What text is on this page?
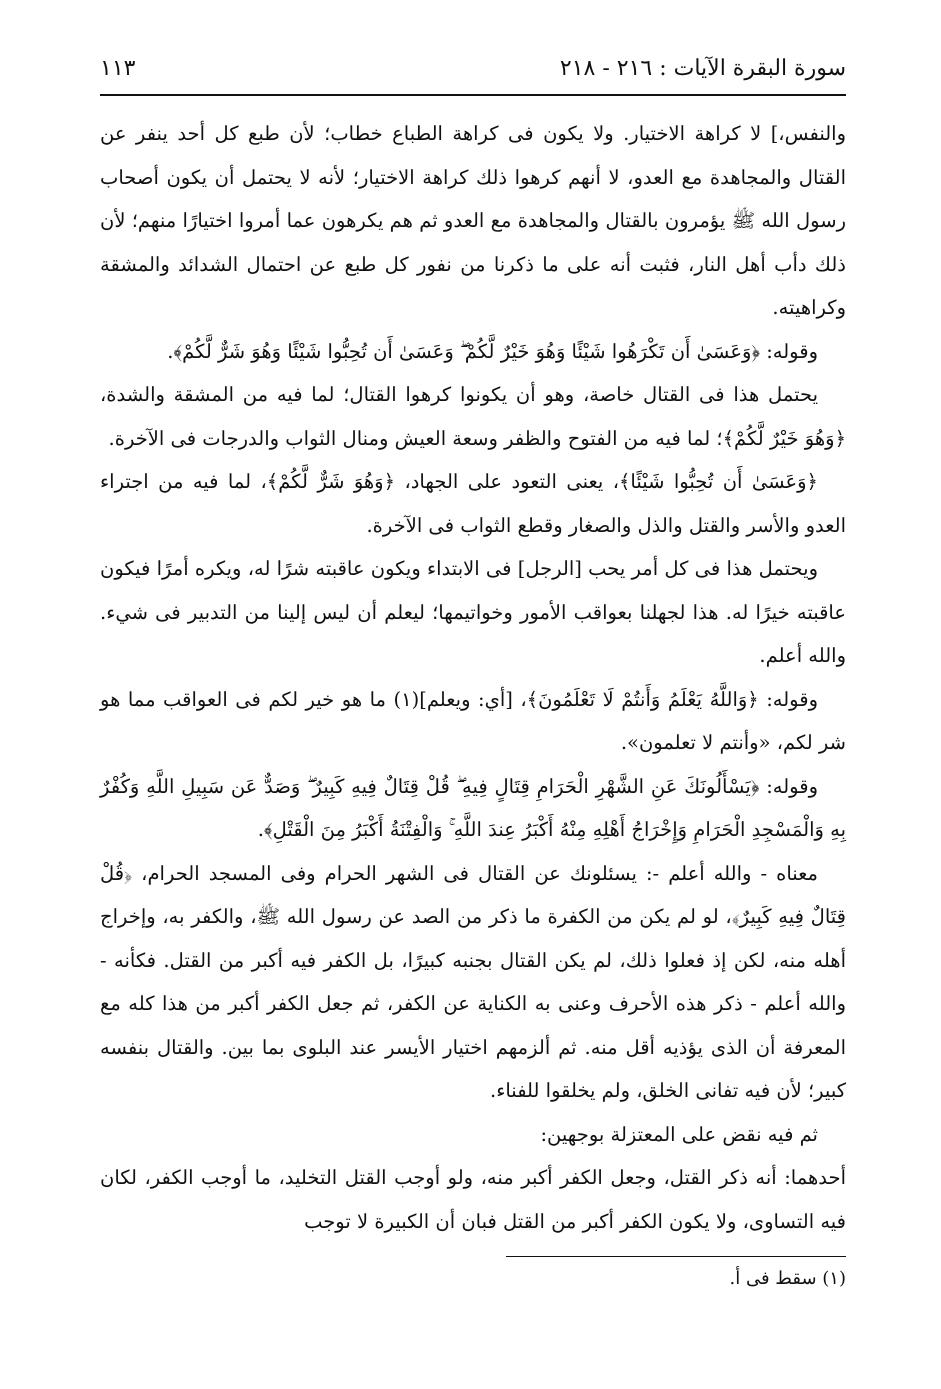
سورة البقرة الآيات : ٢١٦ - ٢١٨
١١٣

والنفس،] لا كراهة الاختيار. ولا يكون فى كراهة الطباع خطاب؛ لأن طبع كل أحد ينفر عن القتال والمجاهدة مع العدو، لا أنهم كرهوا ذلك كراهة الاختيار؛ لأنه لا يحتمل أن يكون أصحاب رسول الله ﷺ يؤمرون بالقتال والمجاهدة مع العدو ثم هم يكرهون عما أمروا اختيارًا منهم؛ لأن ذلك دأب أهل النار، فثبت أنه على ما ذكرنا من نفور كل طبع عن احتمال الشدائد والمشقة وكراهيته.

وقوله: ﴿وَعَسَىٰ أَن تَكْرَهُوا شَيْئًا وَهُوَ خَيْرٌ لَّكُمْ ۖ وَعَسَىٰ أَن تُحِبُّوا شَيْئًا وَهُوَ شَرٌّ لَّكُمْ﴾.

يحتمل هذا فى القتال خاصة، وهو أن يكونوا كرهوا القتال؛ لما فيه من المشقة والشدة، ﴿وَهُوَ خَيْرٌ لَّكُمْ﴾؛ لما فيه من الفتوح والظفر وسعة العيش ومنال الثواب والدرجات فى الآخرة.

﴿وَعَسَىٰ أَن تُحِبُّوا شَيْئًا﴾، يعنى التعود على الجهاد، ﴿وَهُوَ شَرٌّ لَّكُمْ﴾، لما فيه من اجتراء العدو والأسر والقتل والذل والصغار وقطع الثواب فى الآخرة.

ويحتمل هذا فى كل أمر يحب [الرجل] فى الابتداء ويكون عاقبته شرًا له، ويكره أمرًا فيكون عاقبته خيرًا له. هذا لجهلنا بعواقب الأمور وخواتيمها؛ ليعلم أن ليس إلينا من التدبير فى شيء. والله أعلم.

وقوله: ﴿وَاللَّهُ يَعْلَمُ وَأَنتُمْ لَا تَعْلَمُونَ﴾، [أي: ويعلم](١) ما هو خير لكم فى العواقب مما هو شر لكم، «وأنتم لا تعلمون».

وقوله: ﴿يَسْأَلُونَكَ عَنِ الشَّهْرِ الْحَرَامِ قِتَالٍ فِيهِ ۖ قُلْ قِتَالٌ فِيهِ كَبِيرٌ ۖ وَصَدٌّ عَن سَبِيلِ اللَّهِ وَكُفْرٌ بِهِ وَالْمَسْجِدِ الْحَرَامِ وَإِخْرَاجُ أَهْلِهِ مِنْهُ أَكْبَرُ عِندَ اللَّهِ ۚ وَالْفِتْنَةُ أَكْبَرُ مِنَ الْقَتْلِ﴾.

معناه - والله أعلم -: يسئلونك عن القتال فى الشهر الحرام وفى المسجد الحرام، ﴿قُلْ قِتَالٌ فِيهِ كَبِيرٌ﴾، لو لم يكن من الكفرة ما ذكر من الصد عن رسول الله ﷺ، والكفر به، وإخراج أهله منه، لكن إذ فعلوا ذلك، لم يكن القتال بجنبه كبيرًا، بل الكفر فيه أكبر من القتل. فكأنه - والله أعلم - ذكر هذه الأحرف وعنى به الكناية عن الكفر، ثم جعل الكفر أكبر من هذا كله مع المعرفة أن الذى يؤذيه أقل منه. ثم ألزمهم اختيار الأيسر عند البلوى بما بين. والقتال بنفسه كبير؛ لأن فيه تفانى الخلق، ولم يخلقوا للفناء.

ثم فيه نقض على المعتزلة بوجهين:

أحدهما: أنه ذكر القتل، وجعل الكفر أكبر منه، ولو أوجب القتل التخليد، ما أوجب الكفر، لكان فيه التساوى، ولا يكون الكفر أكبر من القتل فبان أن الكبيرة لا توجب

(١) سقط فى أ.
